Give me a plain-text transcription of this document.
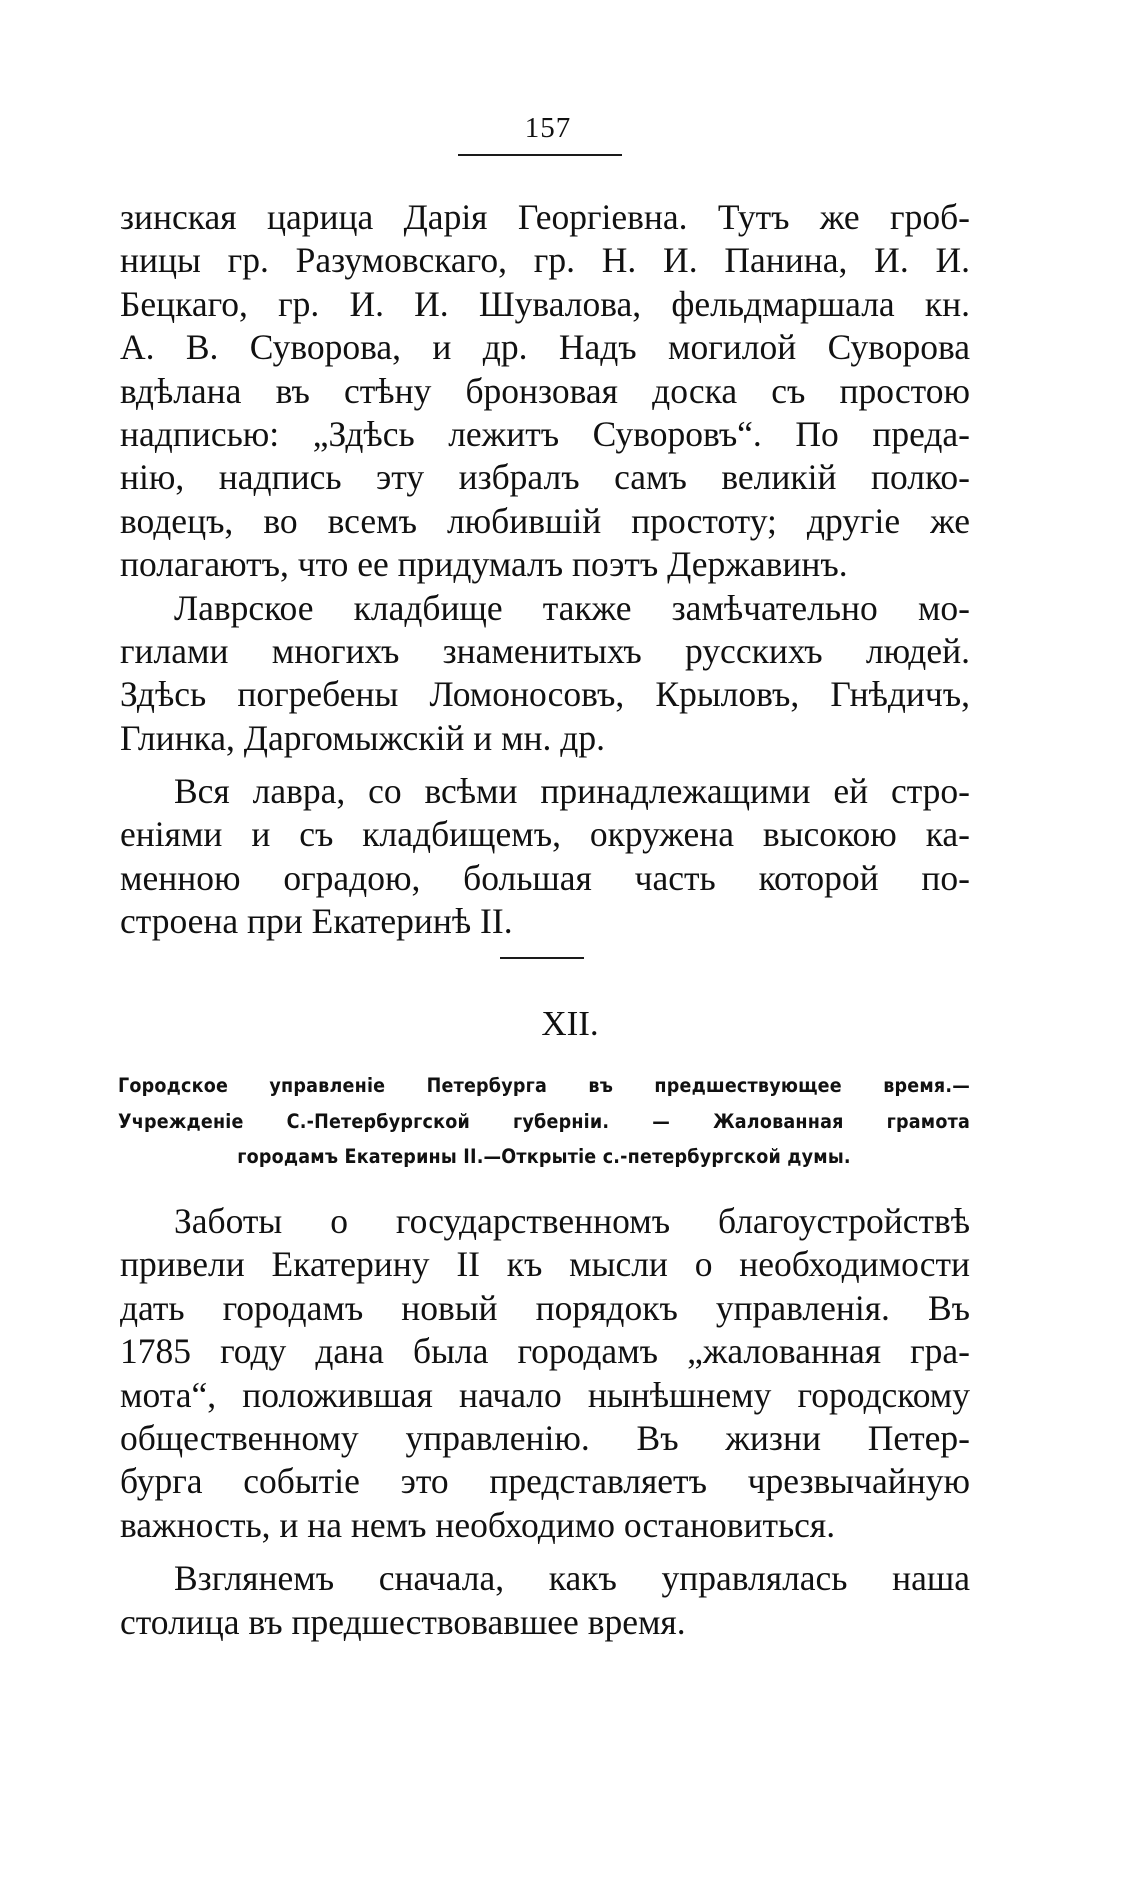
157
зинская царица Дарія Георгіевна. Тутъ же гроб-
ницы гр. Разумовскаго, гр. Н. И. Панина, И. И.
Бецкаго, гр. И. И. Шувалова, фельдмаршала кн.
А. В. Суворова, и др. Надъ могилой Суворова
вдѣлана въ стѣну бронзовая доска съ простою
надписью: „Здѣсь лежитъ Суворовъ“. По преда-
нію, надпись эту избралъ самъ великій полко-
водецъ, во всемъ любившій простоту; другіе же
полагаютъ, что ее придумалъ поэтъ Державинъ.
Лаврское кладбище также замѣчательно мо-
гилами многихъ знаменитыхъ русскихъ людей.
Здѣсь погребены Ломоносовъ, Крыловъ, Гнѣдичъ,
Глинка, Даргомыжскій и мн. др.
Вся лавра, со всѣми принадлежащими ей стро-
еніями и съ кладбищемъ, окружена высокою ка-
менною оградою, большая часть которой по-
строена при Екатеринѣ II.
XII.
Городское управленіе Петербурга въ предшествующее время.—
Учрежденіе С.-Петербургской губерніи. — Жалованная грамота
городамъ Екатерины II.—Открытіе с.-петербургской думы.
Заботы о государственномъ благоустройствѣ
привели Екатерину II къ мысли о необходимости
дать городамъ новый порядокъ управленія. Въ
1785 году дана была городамъ „жалованная гра-
мота“, положившая начало нынѣшнему городскому
общественному управленію. Въ жизни Петер-
бурга событіе это представляетъ чрезвычайную
важность, и на немъ необходимо остановиться.
Взглянемъ сначала, какъ управлялась наша
столица въ предшествовавшее время.
